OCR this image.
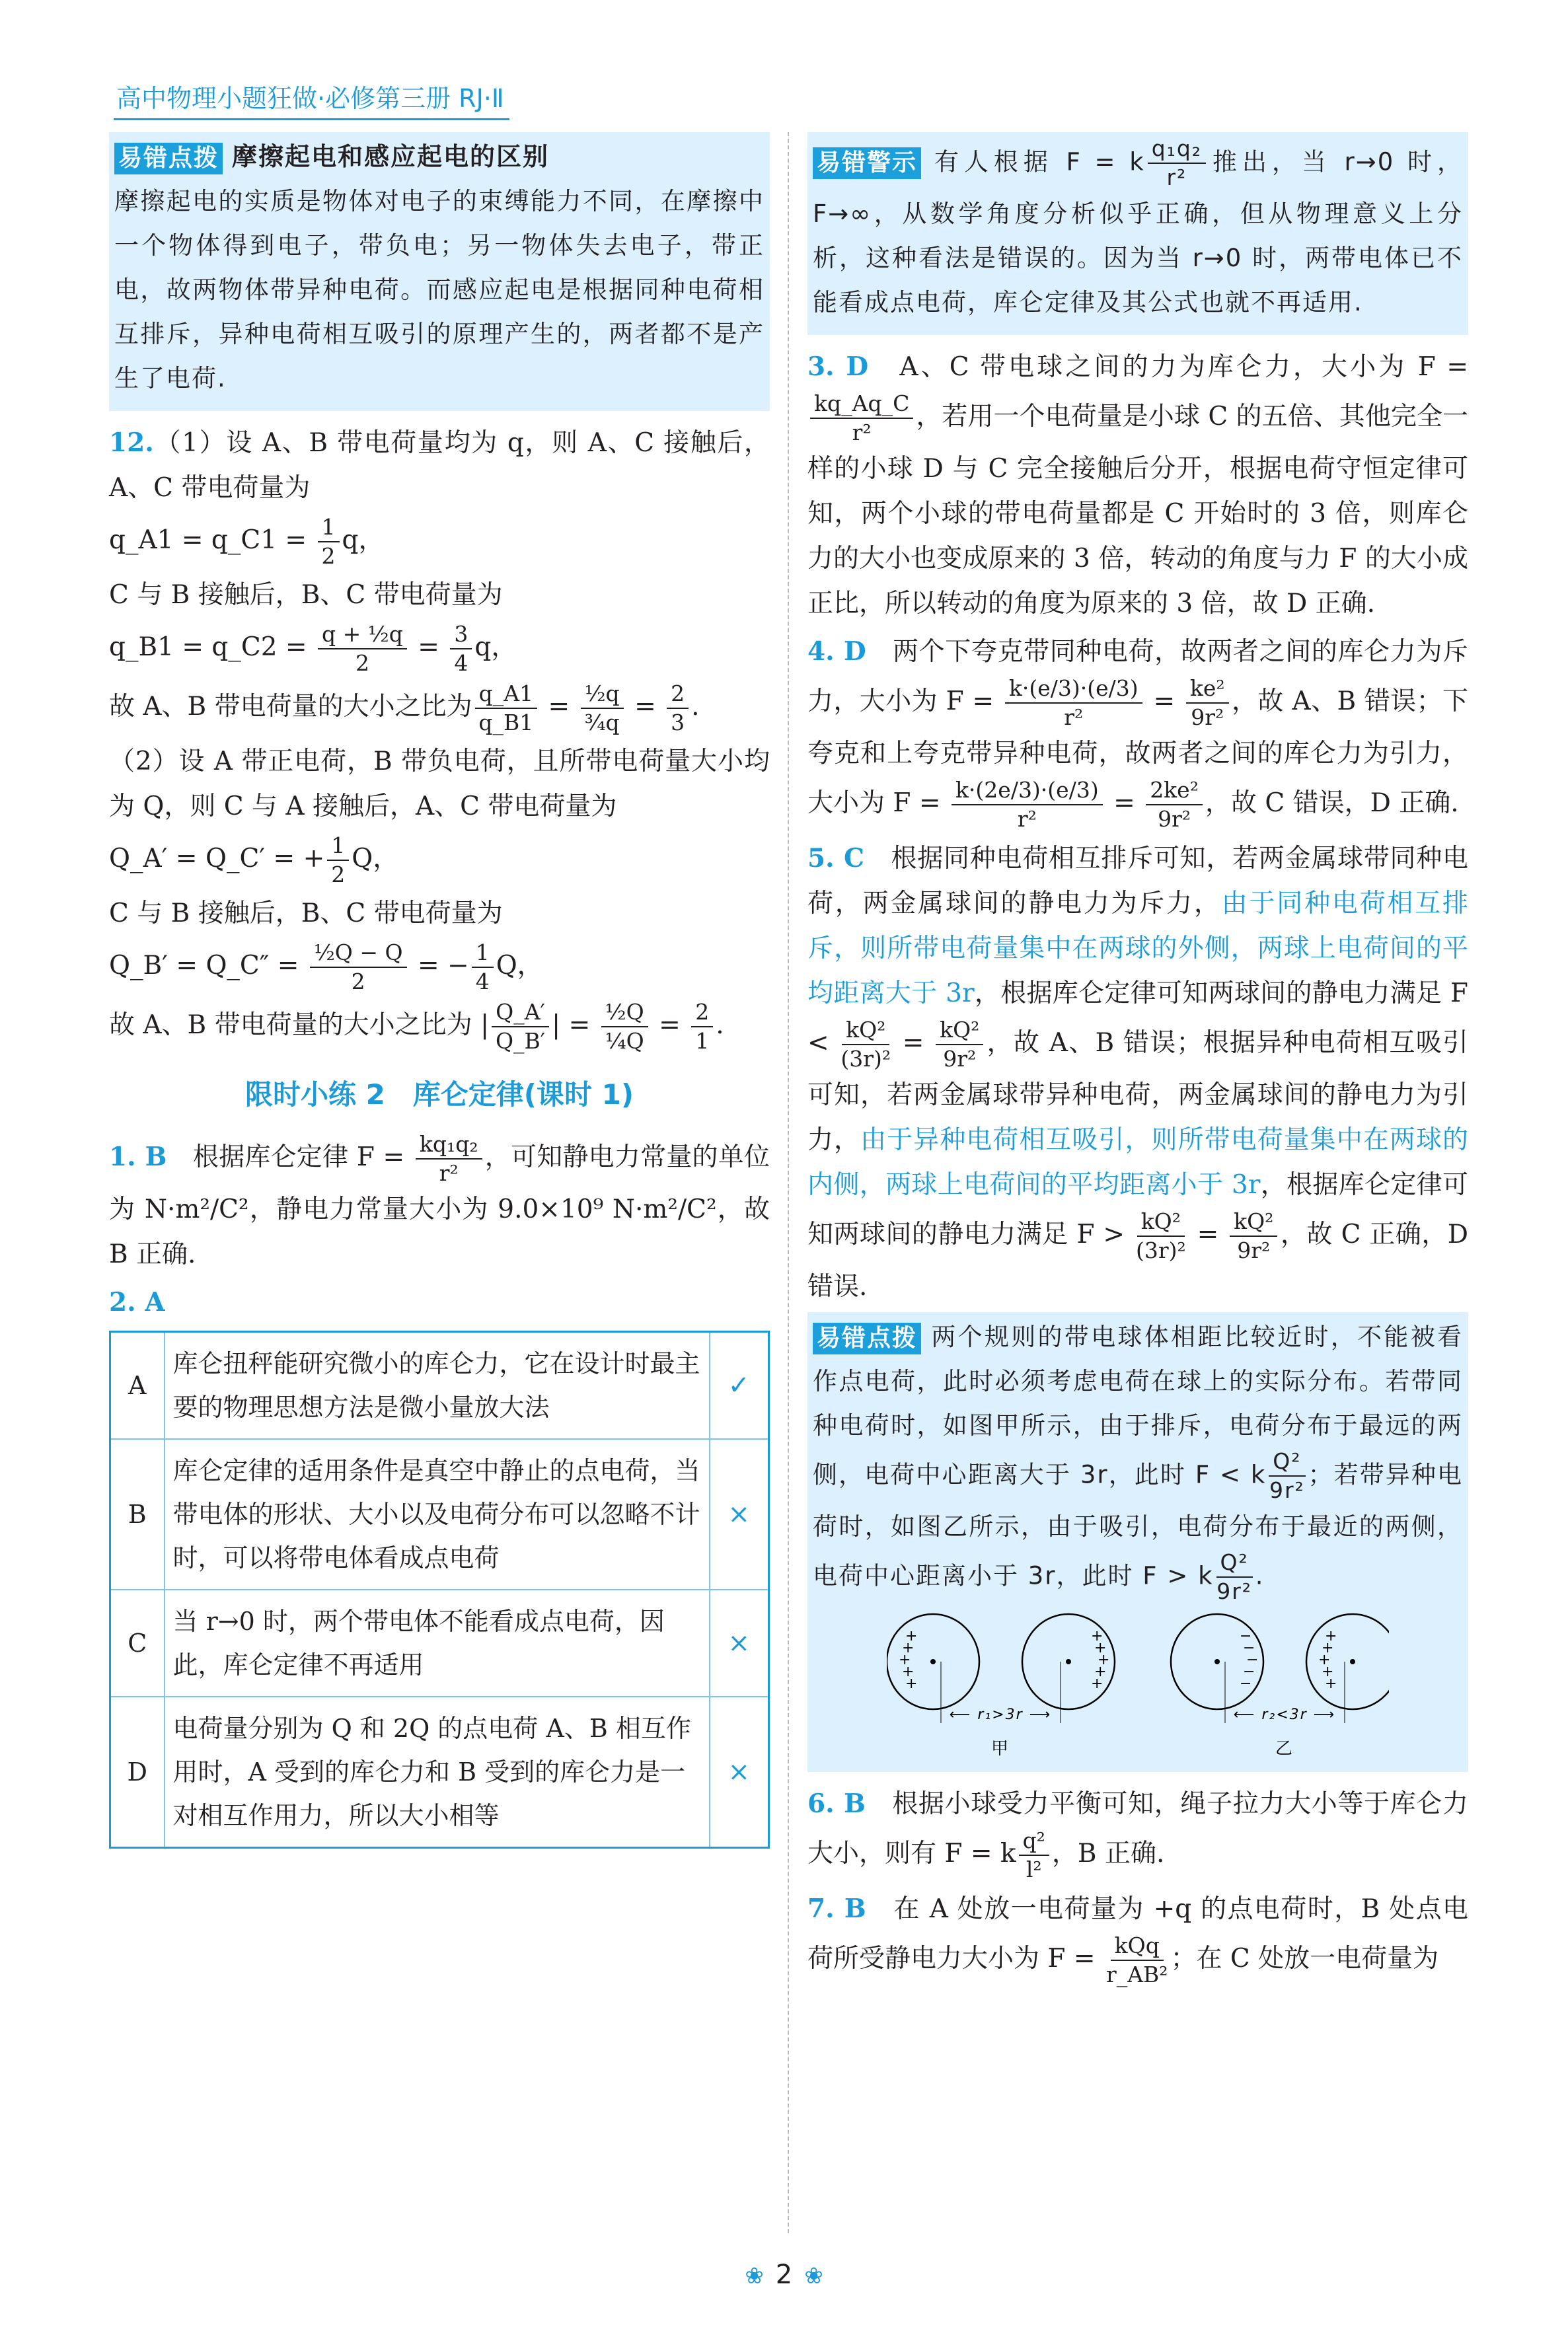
高中物理小题狂做·必修第三册 RJ·Ⅱ
易错点拨 摩擦起电和感应起电的区别

摩擦起电的实质是物体对电子的束缚能力不同，在摩擦中一个物体得到电子，带负电；另一物体失去电子，带正电，故两物体带异种电荷。而感应起电是根据同种电荷相互排斥，异种电荷相互吸引的原理产生的，两者都不是产生了电荷.

12.（1）设 A、B 带电荷量均为 q，则 A、C 接触后，A、C 带电荷量为

q_A1 = q_C1 = $\frac{1}{2}$ q，

C 与 B 接触后，B、C 带电荷量为

q_B1 = q_C2 = $\frac{\text{q + ½q}}{2} = \frac{3}{4}$ q，

故 A、B 带电荷量的大小之比为 $\frac{q\_A1}{q\_B1} = \frac{\text{½q}}{\text{¾q}} = \frac{2}{3}$ .

（2）设 A 带正电荷，B 带负电荷，且所带电荷量大小均为 Q，则 C 与 A 接触后，A、C 带电荷量为

Q_A′ = Q_C′ = + $\frac{1}{2}$ Q，

C 与 B 接触后，B、C 带电荷量为

Q_B′ = Q_C″ = $\frac{\text{½Q − Q}}{2}$ = − $\frac{1}{4}$ Q，

故 A、B 带电荷量的大小之比为 | $\frac{Q\_A'}{Q\_B'}$ | = $\frac{\text{½Q}}{\text{¼Q}} = \frac{2}{1}$ .

限时小练 2　库仑定律(课时 1)

1. B　根据库仑定律 $F = \frac{\text{kq₁q₂}}{\text{r²}}$ ，可知静电力常量的单位为 N·m²/C²，静电力常量大小为 9.0×10⁹ N·m²/C²，故 B 正确.

2. A

A	库仑扭秤能研究微小的库仑力，它在设计时最主要的物理思想方法是微小量放大法	✓
B	库仑定律的适用条件是真空中静止的点电荷，当带电体的形状、大小以及电荷分布可以忽略不计时，可以将带电体看成点电荷	×
C	当 r→0 时，两个带电体不能看成点电荷，因此，库仑定律不再适用	×
D	电荷量分别为 Q 和 2Q 的点电荷 A、B 相互作用时，A 受到的库仑力和 B 受到的库仑力是一对相互作用力，所以大小相等	×

易错警示 有人根据 F = k $\frac{\text{q₁q₂}}{\text{r²}}$ 推出，当 r→0 时，F→∞，从数学角度分析似乎正确，但从物理意义上分析，这种看法是错误的。因为当 r→0 时，两带电体已不能看成点电荷，库仑定律及其公式也就不再适用.

3. D　A、C 带电球之间的力为库仑力，大小为 F =
$\frac{kq\_Aq\_C}{\text{r²}}$ ，若用一个电荷量是小球 C 的五倍、其他完全一样的小球 D 与 C 完全接触后分开，根据电荷守恒定律可知，两个小球的带电荷量都是 C 开始时的 3 倍，则库仑力的大小也变成原来的 3 倍，转动的角度与力 F 的大小成正比，所以转动的角度为原来的 3 倍，故 D 正确.

4. D　两个下夸克带同种电荷，故两者之间的库仑力为斥力，大小为 $F = \frac{k\cdot(e/3)\cdot(e/3)}{\text{r²}} = \frac{\text{ke²}}{\text{9r²}}$ ，故 A、B 错误；下夸克和上夸克带异种电荷，故两者之间的库仑力为引力，大小为 $F = \frac{k\cdot(2e/3)\cdot(e/3)}{\text{r²}} = \frac{\text{2ke²}}{\text{9r²}}$ ，故 C 错误，D 正确.

5. C　根据同种电荷相互排斥可知，若两金属球带同种电荷，两金属球间的静电力为斥力，由于同种电荷相互排斥，则所带电荷量集中在两球的外侧，两球上电荷间的平均距离大于 3r，根据库仑定律可知两球间的静电力满足 $F < \frac{\text{kQ²}}{\text{(3r)²}} = \frac{\text{kQ²}}{\text{9r²}}$ ，故 A、B 错误；根据异种电荷相互吸引可知，若两金属球带异种电荷，两金属球间的静电力为引力，由于异种电荷相互吸引，则所带电荷量集中在两球的内侧，两球上电荷间的平均距离小于 3r，根据库仑定律可知两球间的静电力满足 $F > \frac{\text{kQ²}}{\text{(3r)²}} = \frac{\text{kQ²}}{\text{9r²}}$ ，故 C 正确，D 错误.

易错点拨 两个规则的带电球体相距比较近时，不能被看作点电荷，此时必须考虑电荷在球上的实际分布。若带同种电荷时，如图甲所示，由于排斥，电荷分布于最远的两侧，电荷中心距离大于 3r，此时 F < k $\frac{\text{Q²}}{\text{9r²}}$ ；若带异种电荷时，如图乙所示，由于吸引，电荷分布于最近的两侧，电荷中心距离小于 3r，此时 F > k $\frac{\text{Q²}}{\text{9r²}}$ .

+
+
+
+
+
+
+
+
+
+
−
−
−
−
−
+
+
+
+
+
⟵ r₁>3r ⟶	⟵ r₂<3r ⟶
甲	乙

6. B　根据小球受力平衡可知，绳子拉力大小等于库仑力大小，则有 F = k $\frac{\text{q²}}{\text{l²}}$ ，B 正确.

7. B　在 A 处放一电荷量为 +q 的点电荷时，B 处点电荷所受静电力大小为 F = kQq
r_AB²
；在 C 处放一电荷量为

❀ 2 ❀
